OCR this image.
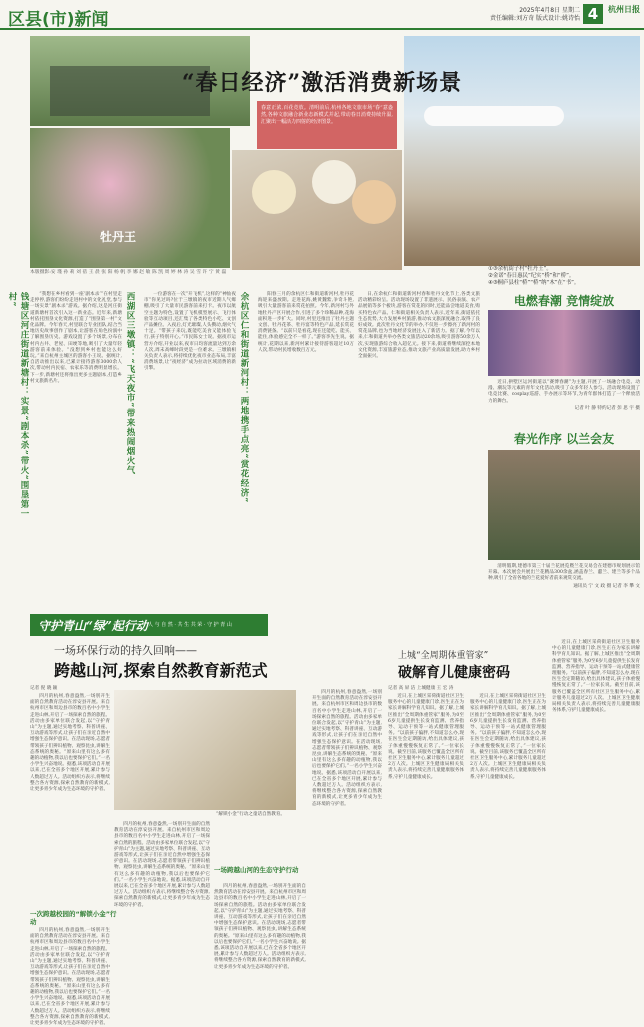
区县(市)新闻	2025年4月8日 星期二
责任编辑:刘方奇 版式设计:姚诗怡 4	杭州日报
牡丹王
“春日经济”激活消费新场景
春意正浓,百花竞放。清明前后,杭州各地文旅市场“春”意盎然,各种文旅融合新业态新模式并起,带动春日消费持续升温,汇聚出一幅活力四射的经济图景。
①③余杭街子村“牡丹王”。
②金诺“春日惠民”纪实“桥”和“桥”。
④③桐庐县柱“桥”“桥”纳“木”在“书”。
本版摄影:安 瑾 孙 莉 刘 蓓 王 晨 张 阳 杨 帆 李 娜 赵 敏 陈 凯 周 婷 林 涛 吴 雪 许 宁 黄 磊
钱塘区河庄街道新塘村：实景“剧本杀”带火“围垦第一村”	“我想在乡村看到一座‘剧本杀’”在村里走走停停,游客们纷纷走进村中的文化礼堂,参与一场实景“剧本杀”游戏。据介绍,这是河庄街道新塘村首次引入这一新业态。近年来,新塘村依托围垦文化资源,打造了“围垦第一村”文化品牌。今年春天,村里联合专业团队,结合当地历史故事创作了剧本,让游客在角色扮演中了解围垦历史。游戏设置了多个场景,分布在村内古井、老屋、田埂等地,吸引了大量年轻游客前来体验。“没想到乡村也能这么好玩。”来自杭州主城区的游客小王说。据统计,自活动推出以来,已累计接待游客3000余人次,带动村内民宿、农家乐等消费明显增长。下一步,新塘村还将推出更多主题剧本,打造乡村文旅新名片。	西湖区三墩镇：“飞天夜市”带来热闹烟火气	一位游客在一次“开飞机”,这样的“神仙夜市”你见过吗?位于三墩镇的夜市近期人气爆棚,吸引了大量市民游客前来打卡。夜市以航空主题为特色,设置了飞机模型展示、飞行体验等互动项目,还汇集了各类特色小吃、文创产品摊位。入夜后,灯光璀璨,人头攒动,烟火气十足。“带孩子来玩,既能吃美食又能体验飞行,孩子特别开心。”市民陈女士说。据夜市运营方介绍,开业以来,夜市日均客流量达到万余人次,周末高峰时段更是一位难求。三墩镇相关负责人表示,将持续优化夜市业态布局,丰富消费场景,让“夜经济”成为拉动区域消费的新引擎。	余杭区仁和街道新河村：两地携手点亮“赏花经济”	阳春三月的余杭区仁和街道新河村,牡丹花海迎来盛放期。走进花海,姚黄魏紫,争奇斗艳,吸引大量游客前来赏花拍照。今年,新河村与外地牡丹产区开展合作,引进了多个珍稀品种,花海面积进一步扩大。同时,村里还推出了牡丹主题文创、牡丹花茶、牡丹宴等特色产品,延长赏花消费链条。“以前只是看花,现在还能吃、能买、能住,体验感完全不一样了。”游客李先生说。据统计,花期以来,新河村累计接待游客超过10万人次,带动村民增收数百万元。

日,在余杭仁和街道新河村春和牡丹文化节上,各类文旅活动精彩纷呈。活动现场设置了非遗展示、民俗表演、农产品展销等多个板块,游客在赏花的同时,还能品尝地道美食,购买特色农产品。仁和街道相关负责人表示,近年来,街道依托生态优势,大力发展乡村旅游,推动农文旅深度融合,取得了良好成效。此次牡丹文化节的举办,不仅进一步擦亮了新河村的赏花品牌,也为当地经济发展注入了新活力。据了解,今年以来,仁和街道共举办各类文旅活动20余场,吸引游客50余万人次,实现旅游综合收入超亿元。接下来,街道将继续深挖本地文化资源,丰富旅游业态,推动文旅产业高质量发展,助力乡村全面振兴。

电燃春潮 竞情绽放

近日,拱墅区运河街道以“赛博春潮”为主题,开展了一场融合电竞、动漫、潮玩等元素的青年文化活动,吸引了众多年轻人参与。活动现场设置了电竞比赛、cosplay巡游、手办展示等环节,为青年群体打造了一个释放活力的舞台。

记者 叶 静 特约记者 彭 思 宇 摄
春光作序 以兰会友

清明假期,建德市第三十届兰花展览暨兰花交易会在建德市规划展示馆开幕。本次展会共展出兰花精品300余盆,涵盖春兰、蕙兰、建兰等多个品种,吸引了全省各地的兰花爱好者前来观赏交流。

通讯员 宁 文 政 摄 记者 李 攀 文
守护青山“绿”起行动 人 与 自 然 · 共 生 共 荣 · 守 护 青 山
一场环保行动的持久回响——
跨越山河,探索自然教育新范式
记者 倪 晓 颖

四月的杭州,春意盎然,一场别开生面的自然教育活动在淳安县开展。来自杭州市区和周边县市的数百名中小学生走进山林,开启了一场探索自然的旅程。活动由多家单位联合发起,以“守护青山”为主题,通过实地考察、科普讲座、互动游戏等形式,让孩子们在亲近自然中增强生态保护意识。在活动现场,志愿者带领孩子们辨识植物、观察昆虫,讲解生态系统的奥秘。“原来山里有这么多有趣的动植物,我以后也要保护它们。”一名小学生兴奋地说。据悉,该项活动自开展以来,已在全省多个地区开展,累计参与人数超过万人。活动组织方表示,将继续整合各方资源,探索自然教育的新模式,让更多青少年成为生态环境的守护者。

“解锁小金”行动之童话自然教育。
一次跨越校园的“解锁小金”行动

四月的杭州,春意盎然,一场别开生面的自然教育活动在淳安县开展。来自杭州市区和周边县市的数百名中小学生走进山林,开启了一场探索自然的旅程。活动由多家单位联合发起,以“守护青山”为主题,通过实地考察、科普讲座、互动游戏等形式,让孩子们在亲近自然中增强生态保护意识。在活动现场,志愿者带领孩子们辨识植物、观察昆虫,讲解生态系统的奥秘。“原来山里有这么多有趣的动植物,我以后也要保护它们。”一名小学生兴奋地说。据悉,该项活动自开展以来,已在全省多个地区开展,累计参与人数超过万人。活动组织方表示,将继续整合各方资源,探索自然教育的新模式,让更多青少年成为生态环境的守护者。

四月的杭州,春意盎然,一场别开生面的自然教育活动在淳安县开展。来自杭州市区和周边县市的数百名中小学生走进山林,开启了一场探索自然的旅程。活动由多家单位联合发起,以“守护青山”为主题,通过实地考察、科普讲座、互动游戏等形式,让孩子们在亲近自然中增强生态保护意识。在活动现场,志愿者带领孩子们辨识植物、观察昆虫,讲解生态系统的奥秘。“原来山里有这么多有趣的动植物,我以后也要保护它们。”一名小学生兴奋地说。据悉,该项活动自开展以来,已在全省多个地区开展,累计参与人数超过万人。活动组织方表示,将继续整合各方资源,探索自然教育的新模式,让更多青少年成为生态环境的守护者。

一场跨越山河的生态守护行动

四月的杭州,春意盎然,一场别开生面的自然教育活动在淳安县开展。来自杭州市区和周边县市的数百名中小学生走进山林,开启了一场探索自然的旅程。活动由多家单位联合发起,以“守护青山”为主题,通过实地考察、科普讲座、互动游戏等形式,让孩子们在亲近自然中增强生态保护意识。在活动现场,志愿者带领孩子们辨识植物、观察昆虫,讲解生态系统的奥秘。“原来山里有这么多有趣的动植物,我以后也要保护它们。”一名小学生兴奋地说。据悉,该项活动自开展以来,已在全省多个地区开展,累计参与人数超过万人。活动组织方表示,将继续整合各方资源,探索自然教育的新模式,让更多青少年成为生态环境的守护者。

四月的杭州,春意盎然,一场别开生面的自然教育活动在淳安县开展。来自杭州市区和周边县市的数百名中小学生走进山林,开启了一场探索自然的旅程。活动由多家单位联合发起,以“守护青山”为主题,通过实地考察、科普讲座、互动游戏等形式,让孩子们在亲近自然中增强生态保护意识。在活动现场,志愿者带领孩子们辨识植物、观察昆虫,讲解生态系统的奥秘。“原来山里有这么多有趣的动植物,我以后也要保护它们。”一名小学生兴奋地说。据悉,该项活动自开展以来,已在全省多个地区开展,累计参与人数超过万人。活动组织方表示,将继续整合各方资源,探索自然教育的新模式,让更多青少年成为生态环境的守护者。

上城“全周期体重管家”
破解育儿健康密码
记者 高 屏 洁 上城健康 王 宏 涛

近日,在上城区采荷街道社区卫生服务中心的儿童健康门诊,医生正在为家长讲解科学育儿知识。据了解,上城区推出“全周期体重管家”服务,为0至6岁儿童提供生长发育监测、营养指导、运动干预等一站式健康管理服务。“以前孩子偏胖,不知道怎么办,现在医生会定期随访,给出具体建议,孩子体重慢慢恢复正常了。”一位家长说。截至目前,该服务已覆盖全区所有社区卫生服务中心,累计服务儿童超过2万人次。上城区卫生健康局相关负责人表示,将持续完善儿童健康服务体系,守护儿童健康成长。

近日,在上城区采荷街道社区卫生服务中心的儿童健康门诊,医生正在为家长讲解科学育儿知识。据了解,上城区推出“全周期体重管家”服务,为0至6岁儿童提供生长发育监测、营养指导、运动干预等一站式健康管理服务。“以前孩子偏胖,不知道怎么办,现在医生会定期随访,给出具体建议,孩子体重慢慢恢复正常了。”一位家长说。截至目前,该服务已覆盖全区所有社区卫生服务中心,累计服务儿童超过2万人次。上城区卫生健康局相关负责人表示,将持续完善儿童健康服务体系,守护儿童健康成长。

近日,在上城区采荷街道社区卫生服务中心的儿童健康门诊,医生正在为家长讲解科学育儿知识。据了解,上城区推出“全周期体重管家”服务,为0至6岁儿童提供生长发育监测、营养指导、运动干预等一站式健康管理服务。“以前孩子偏胖,不知道怎么办,现在医生会定期随访,给出具体建议,孩子体重慢慢恢复正常了。”一位家长说。截至目前,该服务已覆盖全区所有社区卫生服务中心,累计服务儿童超过2万人次。上城区卫生健康局相关负责人表示,将持续完善儿童健康服务体系,守护儿童健康成长。
